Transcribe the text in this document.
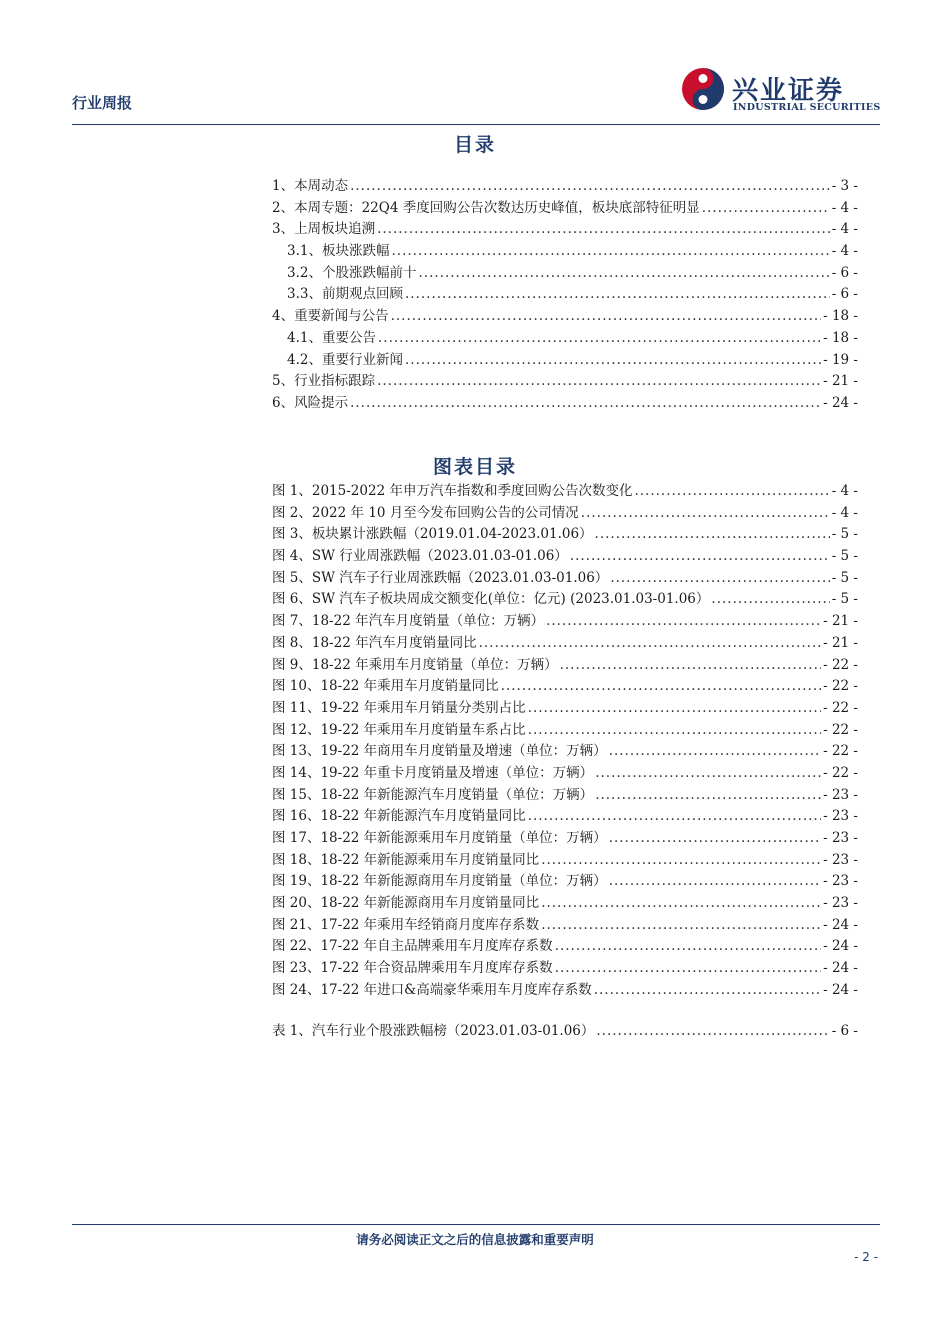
行业周报	兴业证券
INDUSTRIAL SECURITIES
目录
1、本周动态 .....	- 3 -
2、本周专题：22Q4 季度回购公告次数达历史峰值，板块底部特征明显 .....	- 4 -
3、上周板块追溯 .....	- 4 -
3.1、板块涨跌幅 .....	- 4 -
3.2、个股涨跌幅前十 .....	- 6 -
3.3、前期观点回顾 .....	- 6 -
4、重要新闻与公告 .....	- 18 -
4.1、重要公告 .....	- 18 -
4.2、重要行业新闻 .....	- 19 -
5、行业指标跟踪 .....	- 21 -
6、风险提示 .....	- 24 -
图表目录
图 1、2015-2022 年申万汽车指数和季度回购公告次数变化 .....	- 4 -
图 2、2022 年 10 月至今发布回购公告的公司情况 .....	- 4 -
图 3、板块累计涨跌幅（2019.01.04-2023.01.06） .....	- 5 -
图 4、SW 行业周涨跌幅（2023.01.03-01.06） .....	- 5 -
图 5、SW 汽车子行业周涨跌幅（2023.01.03-01.06） .....	- 5 -
图 6、SW 汽车子板块周成交额变化(单位：亿元) (2023.01.03-01.06） .....	- 5 -
图 7、18-22 年汽车月度销量（单位：万辆） .....	- 21 -
图 8、18-22 年汽车月度销量同比 .....	- 21 -
图 9、18-22 年乘用车月度销量（单位：万辆） .....	- 22 -
图 10、18-22 年乘用车月度销量同比 .....	- 22 -
图 11、19-22 年乘用车月销量分类别占比 .....	- 22 -
图 12、19-22 年乘用车月度销量车系占比 .....	- 22 -
图 13、19-22 年商用车月度销量及增速（单位：万辆） .....	- 22 -
图 14、19-22 年重卡月度销量及增速（单位：万辆） .....	- 22 -
图 15、18-22 年新能源汽车月度销量（单位：万辆） .....	- 23 -
图 16、18-22 年新能源汽车月度销量同比 .....	- 23 -
图 17、18-22 年新能源乘用车月度销量（单位：万辆） .....	- 23 -
图 18、18-22 年新能源乘用车月度销量同比 .....	- 23 -
图 19、18-22 年新能源商用车月度销量（单位：万辆） .....	- 23 -
图 20、18-22 年新能源商用车月度销量同比 .....	- 23 -
图 21、17-22 年乘用车经销商月度库存系数 .....	- 24 -
图 22、17-22 年自主品牌乘用车月度库存系数 .....	- 24 -
图 23、17-22 年合资品牌乘用车月度库存系数 .....	- 24 -
图 24、17-22 年进口&高端豪华乘用车月度库存系数 .....	- 24 -
表 1、汽车行业个股涨跌幅榜（2023.01.03-01.06） .....	- 6 -
请务必阅读正文之后的信息披露和重要声明
- 2 -
